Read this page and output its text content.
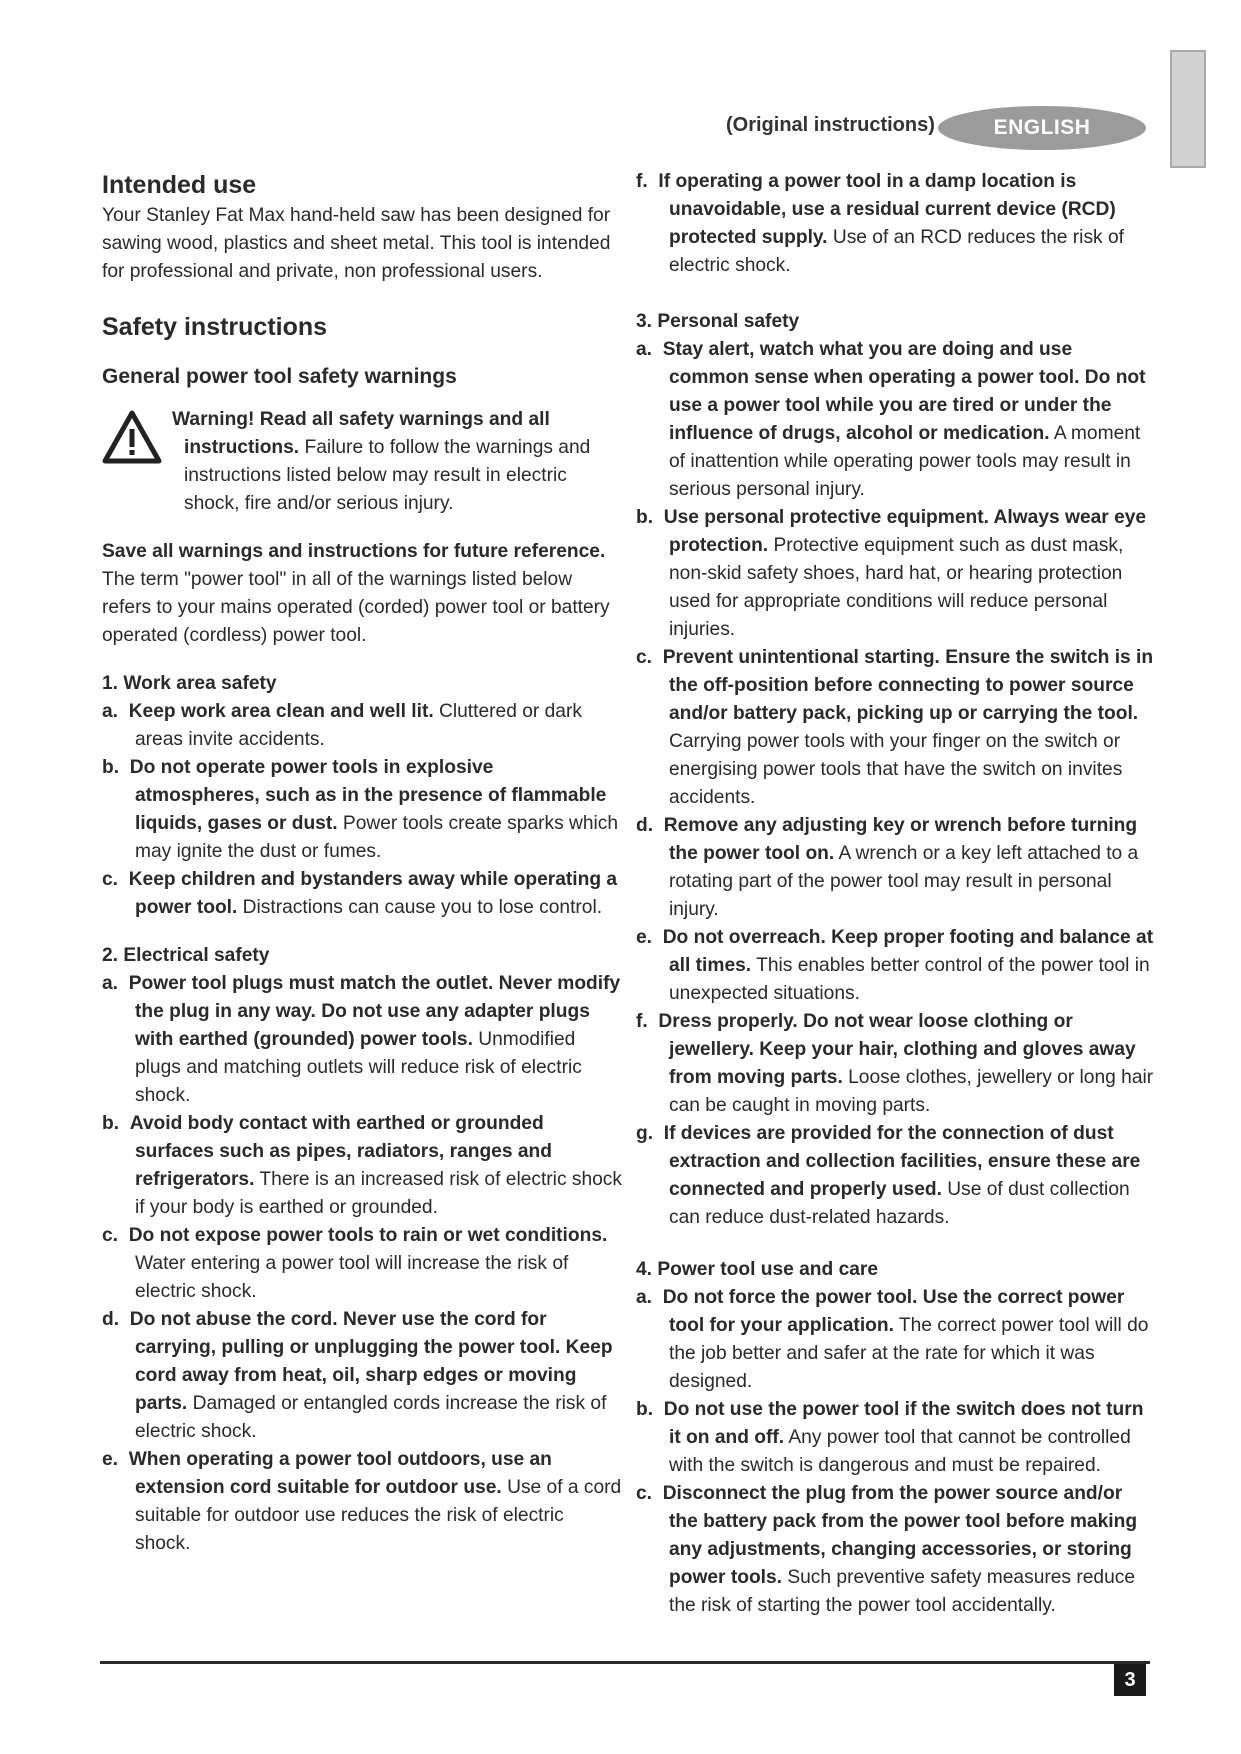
(Original instructions)	ENGLISH

Intended use

Your Stanley Fat Max hand-held saw has been designed for sawing wood, plastics and sheet metal. This tool is intended for professional and private, non professional users.

Safety instructions

General power tool safety warnings

Warning! Read all safety warnings and all instructions. Failure to follow the warnings and instructions listed below may result in electric shock, fire and/or serious injury.

Save all warnings and instructions for future reference.

The term "power tool" in all of the warnings listed below refers to your mains operated (corded) power tool or battery operated (cordless) power tool.

1. Work area safety

a. Keep work area clean and well lit. Cluttered or dark areas invite accidents.

b. Do not operate power tools in explosive atmospheres, such as in the presence of flammable liquids, gases or dust. Power tools create sparks which may ignite the dust or fumes.

c. Keep children and bystanders away while operating a power tool. Distractions can cause you to lose control.

2. Electrical safety

a. Power tool plugs must match the outlet. Never modify the plug in any way. Do not use any adapter plugs with earthed (grounded) power tools. Unmodified plugs and matching outlets will reduce risk of electric shock.

b. Avoid body contact with earthed or grounded surfaces such as pipes, radiators, ranges and refrigerators. There is an increased risk of electric shock if your body is earthed or grounded.

c. Do not expose power tools to rain or wet conditions. Water entering a power tool will increase the risk of electric shock.

d. Do not abuse the cord. Never use the cord for carrying, pulling or unplugging the power tool. Keep cord away from heat, oil, sharp edges or moving parts. Damaged or entangled cords increase the risk of electric shock.

e. When operating a power tool outdoors, use an extension cord suitable for outdoor use. Use of a cord suitable for outdoor use reduces the risk of electric shock.

f. If operating a power tool in a damp location is unavoidable, use a residual current device (RCD) protected supply. Use of an RCD reduces the risk of electric shock.

3. Personal safety

a. Stay alert, watch what you are doing and use common sense when operating a power tool. Do not use a power tool while you are tired or under the influence of drugs, alcohol or medication. A moment of inattention while operating power tools may result in serious personal injury.

b. Use personal protective equipment. Always wear eye protection. Protective equipment such as dust mask, non-skid safety shoes, hard hat, or hearing protection used for appropriate conditions will reduce personal injuries.

c. Prevent unintentional starting. Ensure the switch is in the off-position before connecting to power source and/or battery pack, picking up or carrying the tool. Carrying power tools with your finger on the switch or energising power tools that have the switch on invites accidents.

d. Remove any adjusting key or wrench before turning the power tool on. A wrench or a key left attached to a rotating part of the power tool may result in personal injury.

e. Do not overreach. Keep proper footing and balance at all times. This enables better control of the power tool in unexpected situations.

f. Dress properly. Do not wear loose clothing or jewellery. Keep your hair, clothing and gloves away from moving parts. Loose clothes, jewellery or long hair can be caught in moving parts.

g. If devices are provided for the connection of dust extraction and collection facilities, ensure these are connected and properly used. Use of dust collection can reduce dust-related hazards.

4. Power tool use and care

a. Do not force the power tool. Use the correct power tool for your application. The correct power tool will do the job better and safer at the rate for which it was designed.

b. Do not use the power tool if the switch does not turn it on and off. Any power tool that cannot be controlled with the switch is dangerous and must be repaired.

c. Disconnect the plug from the power source and/or the battery pack from the power tool before making any adjustments, changing accessories, or storing power tools. Such preventive safety measures reduce the risk of starting the power tool accidentally.

3
